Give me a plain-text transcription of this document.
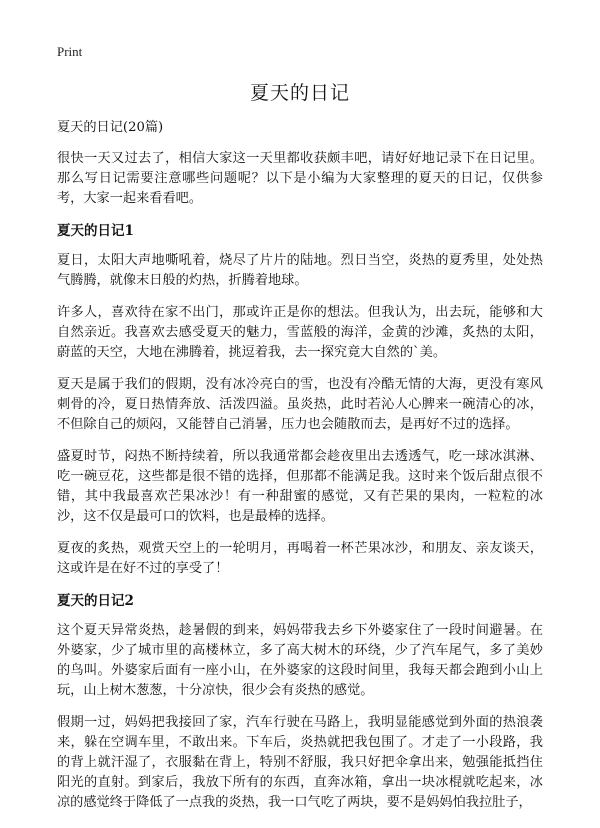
Print
夏天的日记

夏天的日记(20篇)

很快一天又过去了，相信大家这一天里都收获颇丰吧，请好好地记录下在日记里。那么写日记需要注意哪些问题呢？以下是小编为大家整理的夏天的日记，仅供参考，大家一起来看看吧。

夏天的日记1

夏日，太阳大声地嘶吼着，烧尽了片片的陆地。烈日当空，炎热的夏秀里，处处热气腾腾，就像末日般的灼热，折腾着地球。

许多人，喜欢待在家不出门，那或许正是你的想法。但我认为，出去玩，能够和大自然亲近。我喜欢去感受夏天的魅力，雪蓝般的海洋，金黄的沙滩，炙热的太阳，蔚蓝的天空，大地在沸腾着，挑逗着我，去一探究竟大自然的`美。

夏天是属于我们的假期，没有冰冷亮白的雪，也没有冷酷无情的大海，更没有寒风刺骨的冷，夏日热情奔放、活泼四溢。虽炎热，此时若沁人心脾来一碗清心的冰，不但除自己的烦闷，又能替自己消暑，压力也会随散而去，是再好不过的选择。

盛夏时节，闷热不断持续着，所以我通常都会趁夜里出去透透气，吃一球冰淇淋、吃一碗豆花，这些都是很不错的选择，但那都不能满足我。这时来个饭后甜点很不错，其中我最喜欢芒果冰沙！有一种甜蜜的感觉，又有芒果的果肉，一粒粒的冰沙，这不仅是最可口的饮料，也是最棒的选择。

夏夜的炙热，观赏天空上的一轮明月，再喝着一杯芒果冰沙，和朋友、亲友谈天，这或许是在好不过的享受了！

夏天的日记2

这个夏天异常炎热，趁暑假的到来，妈妈带我去乡下外婆家住了一段时间避暑。在外婆家，少了城市里的高楼林立，多了高大树木的环绕，少了汽车尾气，多了美妙的鸟叫。外婆家后面有一座小山，在外婆家的这段时间里，我每天都会跑到小山上玩，山上树木葱葱，十分凉快，很少会有炎热的感觉。

假期一过，妈妈把我接回了家，汽车行驶在马路上，我明显能感觉到外面的热浪袭来，躲在空调车里，不敢出来。下车后，炎热就把我包围了。才走了一小段路，我的背上就汗湿了，衣服黏在背上，特别不舒服，我只好把伞拿出来，勉强能抵挡住阳光的直射。到家后，我放下所有的东西，直奔冰箱，拿出一块冰棍就吃起来，冰凉的感觉终于降低了一点我的炎热，我一口气吃了两块，要不是妈妈怕我拉肚子，
